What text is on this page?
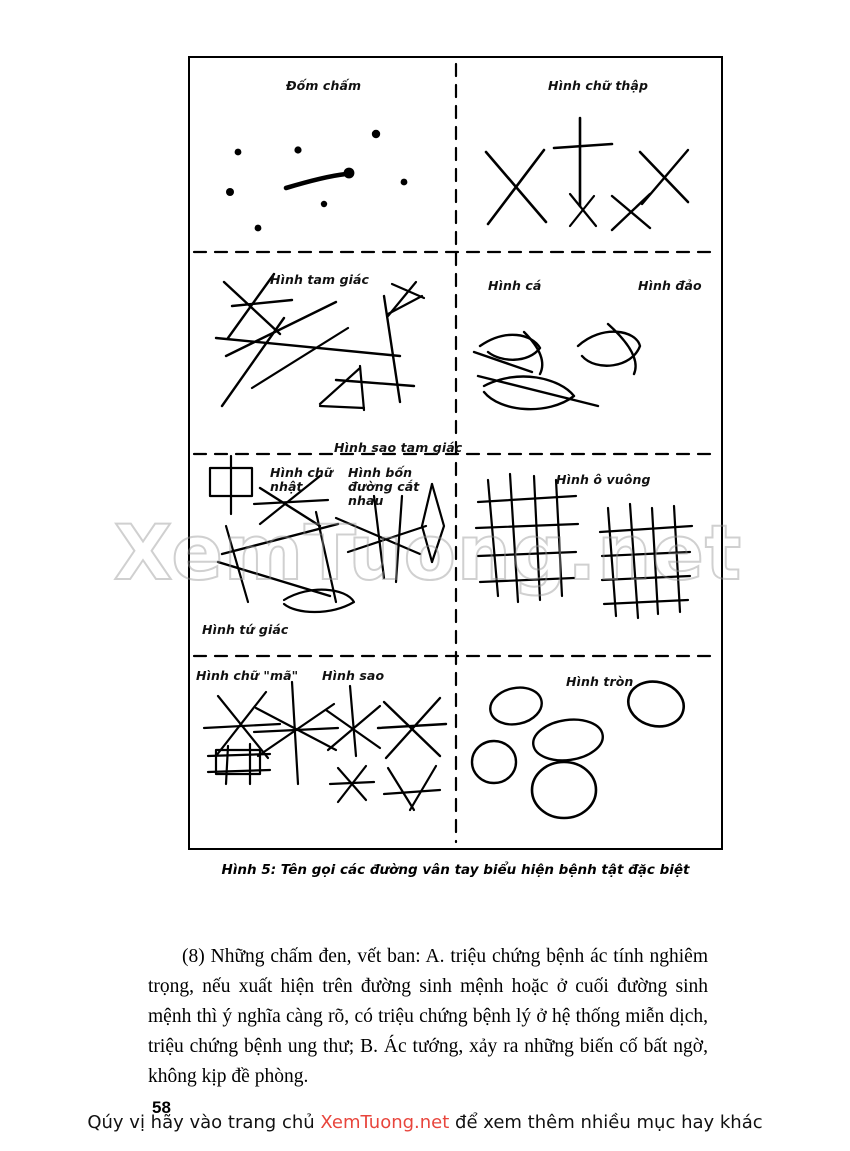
Đốm chấm	Hình chữ thập
Hình tam giác	Hình cá	Hình đảo
Hình sao tam giác
Hình chữ nhật
Hình bốn đường cắt nhau
Hình ô vuông
Hình tứ giác
Hình chữ "mã" Hình sao	Hình tròn
Hình 5: Tên gọi các đường vân tay biểu hiện bệnh tật đặc biệt

(8) Những chấm đen, vết ban: A. triệu chứng bệnh ác tính nghiêm trọng, nếu xuất hiện trên đường sinh mệnh hoặc ở cuối đường sinh mệnh thì ý nghĩa càng rõ, có triệu chứng bệnh lý ở hệ thống miễn dịch, triệu chứng bệnh ung thư; B. Ác tướng, xảy ra những biến cố bất ngờ, không kịp đề phòng.

58
Qúy vị hãy vào trang chủ XemTuong.net để xem thêm nhiều mục hay khác
